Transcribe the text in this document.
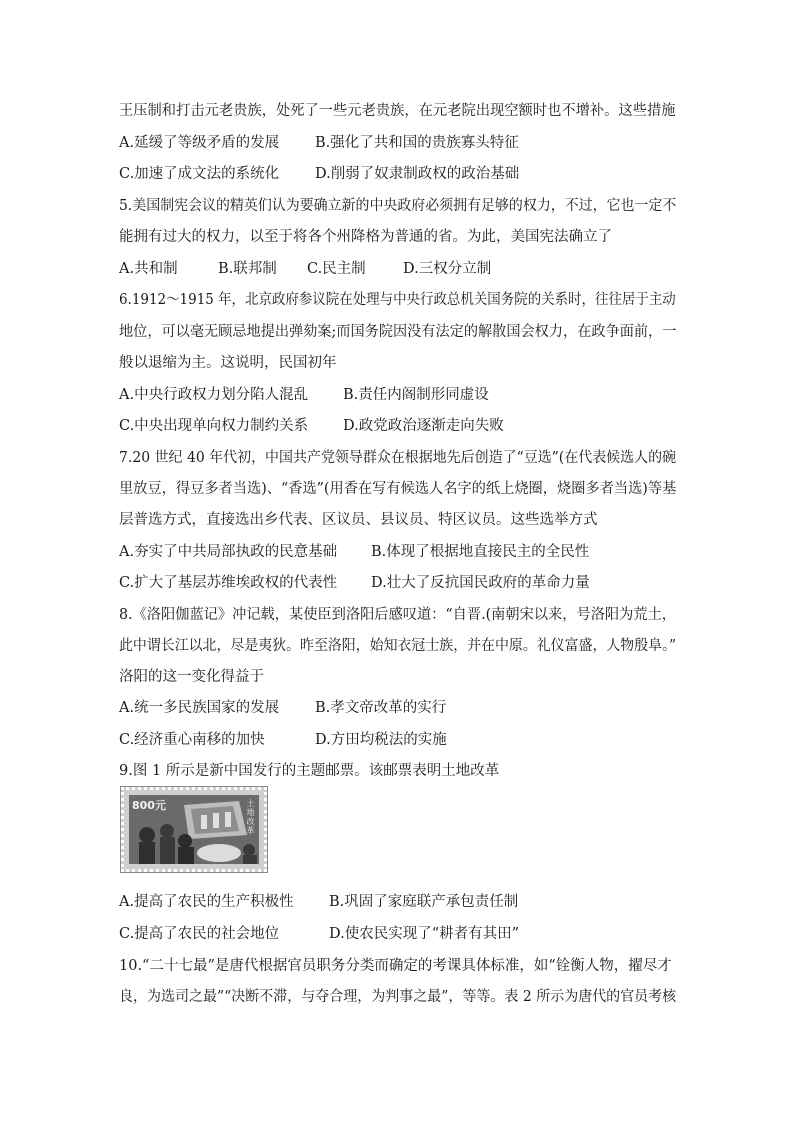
王压制和打击元老贵族，处死了一些元老贵族，在元老院出现空额时也不增补。这些措施
A.延缓了等级矛盾的发展 B.强化了共和国的贵族寡头特征
C.加速了成文法的系统化 D.削弱了奴隶制政权的政治基础
5.美国制宪会议的精英们认为要确立新的中央政府必须拥有足够的权力，不过，它也一定不
能拥有过大的权力，以至于将各个州降格为普通的省。为此，美国宪法确立了
A.共和制	B.联邦制 C.民主制	D.三权分立制
6.1912～1915 年，北京政府参议院在处理与中央行政总机关国务院的关系时，往往居于主动
地位，可以毫无顾忌地提出弹劾案;而国务院因没有法定的解散国会权力，在政争面前，一
般以退缩为主。这说明，民国初年
A.中央行政权力划分陷人混乱 B.责任内阁制形同虚设
C.中央出现单向权力制约关系 D.政党政治逐渐走向失败
7.20 世纪 40 年代初，中国共产党领导群众在根据地先后创造了“豆选”(在代表候选人的碗
里放豆，得豆多者当选)、“香选”(用香在写有候选人名字的纸上烧圈，烧圈多者当选)等基
层普选方式，直接选出乡代表、区议员、县议员、特区议员。这些选举方式
A.夯实了中共局部执政的民意基础 B.体现了根据地直接民主的全民性
C.扩大了基层苏维埃政权的代表性 D.壮大了反抗国民政府的革命力量
8.《洛阳伽蓝记》冲记载，某使臣到洛阳后感叹道：“自晋.(南朝宋以来，号洛阳为荒土，
此中谓长江以北，尽是夷狄。昨至洛阳，始知衣冠士族，并在中原。礼仪富盛，人物殷阜。”
洛阳的这一变化得益于
A.统一多民族国家的发展 B.孝文帝改革的实行
C.经济重心南移的加快	D.方田均税法的实施
9.图 1 所示是新中国发行的主题邮票。该邮票表明土地改革
800元	土地改革
A.提高了农民的生产积极性 B.巩固了家庭联产承包责任制
C.提高了农民的社会地位	D.使农民实现了“耕者有其田”
10.“二十七最”是唐代根据官员职务分类而确定的考课具体标准，如“铨衡人物，擢尽才
良，为选司之最”“决断不滞，与夺合理，为判事之最”，等等。表 2 所示为唐代的官员考核
